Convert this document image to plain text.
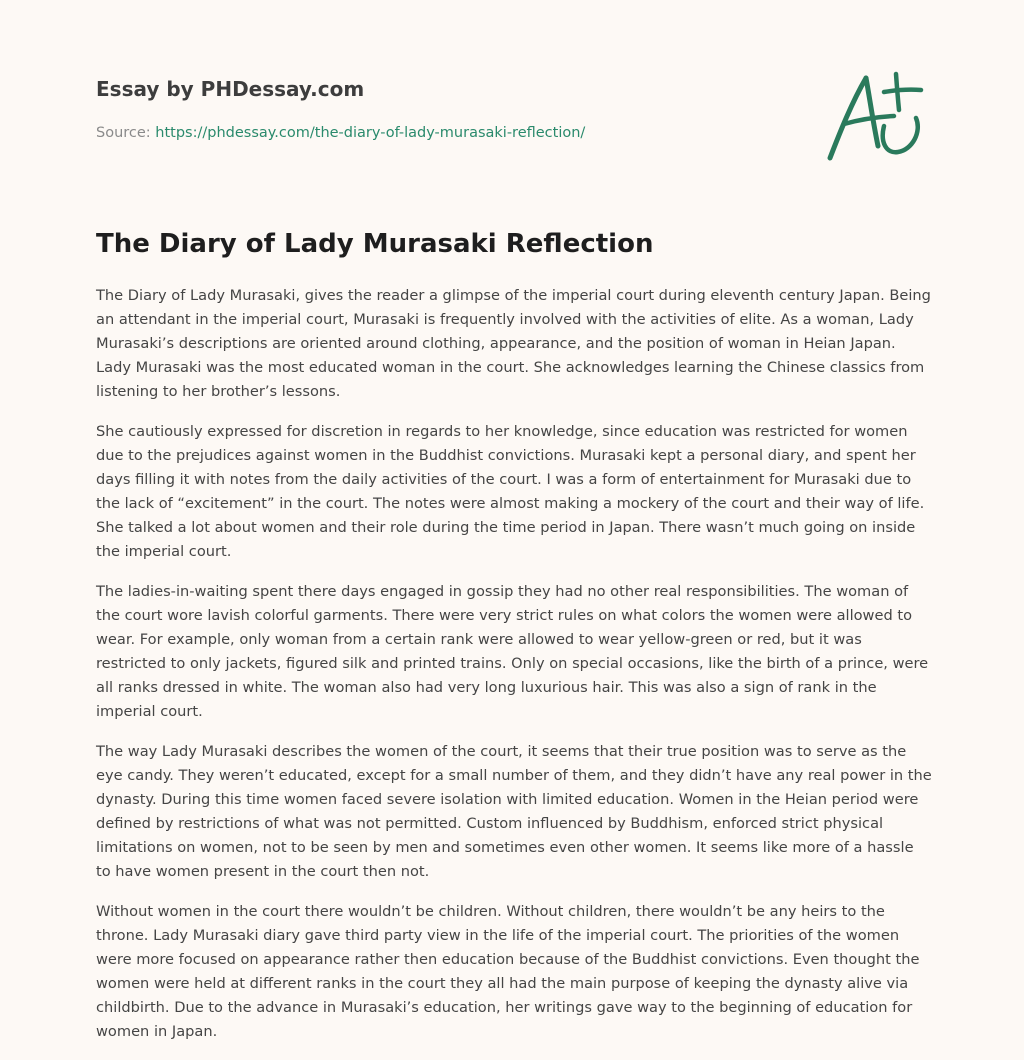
Essay by PHDessay.com
Source: https://phdessay.com/the-diary-of-lady-murasaki-reflection/
The Diary of Lady Murasaki Reflection

The Diary of Lady Murasaki, gives the reader a glimpse of the imperial court during eleventh century Japan. Being an attendant in the imperial court, Murasaki is frequently involved with the activities of elite. As a woman, Lady Murasaki’s descriptions are oriented around clothing, appearance, and the position of woman in Heian Japan. Lady Murasaki was the most educated woman in the court. She acknowledges learning the Chinese classics from listening to her brother’s lessons.

She cautiously expressed for discretion in regards to her knowledge, since education was restricted for women due to the prejudices against women in the Buddhist convictions. Murasaki kept a personal diary, and spent her days filling it with notes from the daily activities of the court. I was a form of entertainment for Murasaki due to the lack of “excitement” in the court. The notes were almost making a mockery of the court and their way of life. She talked a lot about women and their role during the time period in Japan. There wasn’t much going on inside the imperial court.

The ladies-in-waiting spent there days engaged in gossip they had no other real responsibilities. The woman of the court wore lavish colorful garments. There were very strict rules on what colors the women were allowed to wear. For example, only woman from a certain rank were allowed to wear yellow-green or red, but it was restricted to only jackets, figured silk and printed trains. Only on special occasions, like the birth of a prince, were all ranks dressed in white. The woman also had very long luxurious hair. This was also a sign of rank in the imperial court.

The way Lady Murasaki describes the women of the court, it seems that their true position was to serve as the eye candy. They weren’t educated, except for a small number of them, and they didn’t have any real power in the dynasty. During this time women faced severe isolation with limited education. Women in the Heian period were defined by restrictions of what was not permitted. Custom influenced by Buddhism, enforced strict physical limitations on women, not to be seen by men and sometimes even other women. It seems like more of a hassle to have women present in the court then not.

Without women in the court there wouldn’t be children. Without children, there wouldn’t be any heirs to the throne. Lady Murasaki diary gave third party view in the life of the imperial court. The priorities of the women were more focused on appearance rather then education because of the Buddhist convictions. Even thought the women were held at different ranks in the court they all had the main purpose of keeping the dynasty alive via childbirth. Due to the advance in Murasaki’s education, her writings gave way to the beginning of education for women in Japan.
